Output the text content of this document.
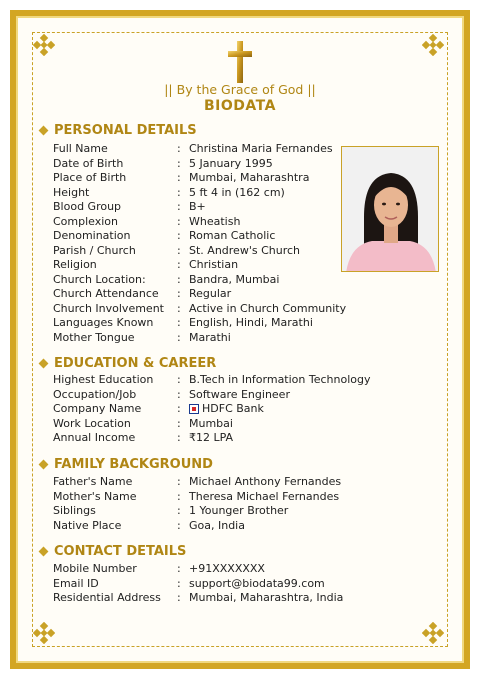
|| By the Grace of God ||
BIODATA
PERSONAL DETAILS
Full Name	: Christina Maria Fernandes
Date of Birth	: 5 January 1995
Place of Birth	: Mumbai, Maharashtra
Height	: 5 ft 4 in (162 cm)
Blood Group	: B+
Complexion	: Wheatish
Denomination	: Roman Catholic
Parish / Church	: St. Andrew's Church
Religion	: Christian
Church Location:	: Bandra, Mumbai
Church Attendance	: Regular
Church Involvement	: Active in Church Community
Languages Known	: English, Hindi, Marathi
Mother Tongue	: Marathi
EDUCATION & CAREER
Highest Education	: B.Tech in Information Technology
Occupation/Job	: Software Engineer
Company Name	:	HDFC Bank
Work Location	: Mumbai
Annual Income	: ₹12 LPA
FAMILY BACKGROUND
Father's Name	: Michael Anthony Fernandes
Mother's Name	: Theresa Michael Fernandes
Siblings	: 1 Younger Brother
Native Place	: Goa, India
CONTACT DETAILS
Mobile Number	: +91XXXXXXX
Email ID	: support@biodata99.com
Residential Address	: Mumbai, Maharashtra, India
